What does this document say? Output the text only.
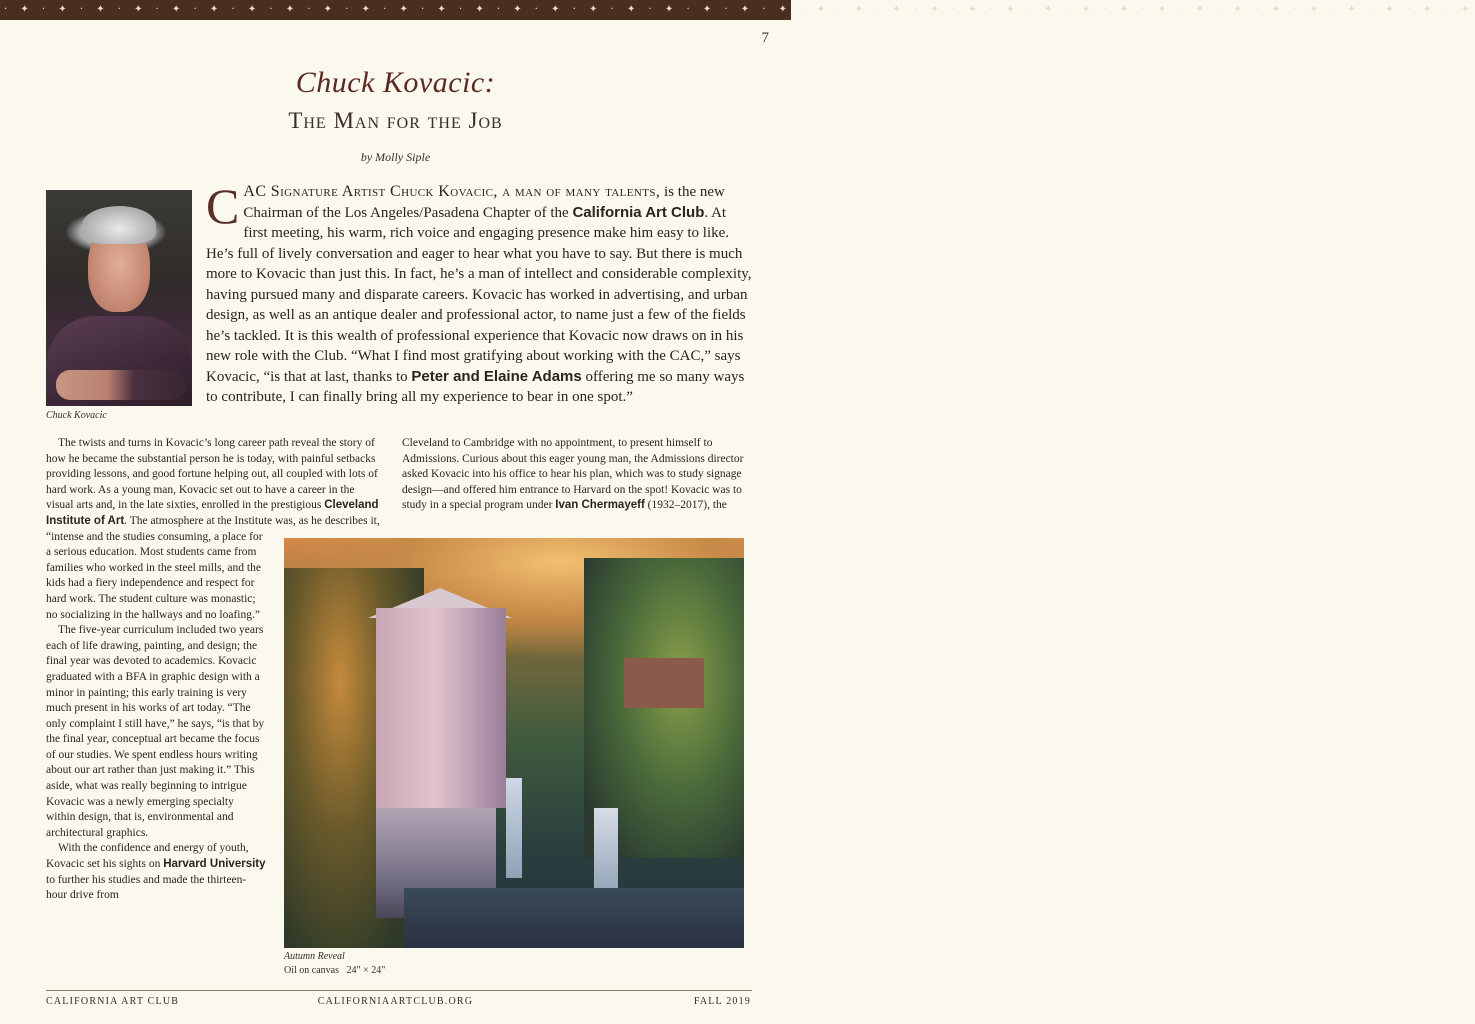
· ✦ · ✦ · ✦ · ✦ · ✦ · ✦ · ✦ · ✦ · ✦ · ✦ · ✦ · ✦ · ✦ · ✦ · ✦ · ✦ · ✦ · ✦ · ✦ · ✦ · ✦ · ✦ · ✦ · ✦ · ✦ · ✦ · ✦ · ✦ · ✦ · ✦ · ✦ · ✦ · ✦ · ✦ · ✦ · ✦ · ✦ · ✦ · ✦
7
Chuck Kovacic:
The Man for the Job
by Molly Siple
Chuck Kovacic
CAC Signature Artist Chuck Kovacic, a man of many talents, is the new Chairman of the Los Angeles/Pasadena Chapter of the California Art Club. At first meeting, his warm, rich voice and engaging presence make him easy to like. He’s full of lively conversation and eager to hear what you have to say. But there is much more to Kovacic than just this. In fact, he’s a man of intellect and considerable complexity, having pursued many and disparate careers. Kovacic has worked in advertising, and urban design, as well as an antique dealer and professional actor, to name just a few of the fields he’s tackled. It is this wealth of professional experience that Kovacic now draws on in his new role with the Club. “What I find most gratifying about working with the CAC,” says Kovacic, “is that at last, thanks to Peter and Elaine Adams offering me so many ways to contribute, I can finally bring all my experience to bear in one spot.”

The twists and turns in Kovacic’s long career path reveal the story of how he became the substantial person he is today, with painful setbacks providing lessons, and good fortune helping out, all coupled with lots of hard work. As a young man, Kovacic set out to have a career in the visual arts and, in the late sixties, enrolled in the prestigious Cleveland Institute of Art. The atmosphere at the Institute was, as he describes it, “intense and the studies consuming, a place for a serious education. Most students came from families who worked in the steel mills, and the kids had a fiery independence and respect for hard work. The student culture was monastic; no socializing in the hallways and no loafing.”

The five-year curriculum included two years each of life drawing, painting, and design; the final year was devoted to academics. Kovacic graduated with a BFA in graphic design with a minor in painting; this early training is very much present in his works of art today. “The only complaint I still have,” he says, “is that by the final year, conceptual art became the focus of our studies. We spent endless hours writing about our art rather than just making it.” This aside, what was really beginning to intrigue Kovacic was a newly emerging specialty within design, that is, environmental and architectural graphics.

With the confidence and energy of youth, Kovacic set his sights on Harvard University to further his studies and made the thirteen-hour drive from

Cleveland to Cambridge with no appointment, to present himself to Admissions. Curious about this eager young man, the Admissions director asked Kovacic into his office to hear his plan, which was to study signage design—and offered him entrance to Harvard on the spot! Kovacic was to study in a special program under Ivan Chermayeff (1932–2017), the

Autumn Reveal
Oil on canvas 24" × 24"
CALIFORNIA ART CLUB	CALIFORNIAARTCLUB.ORG	FALL 2019
